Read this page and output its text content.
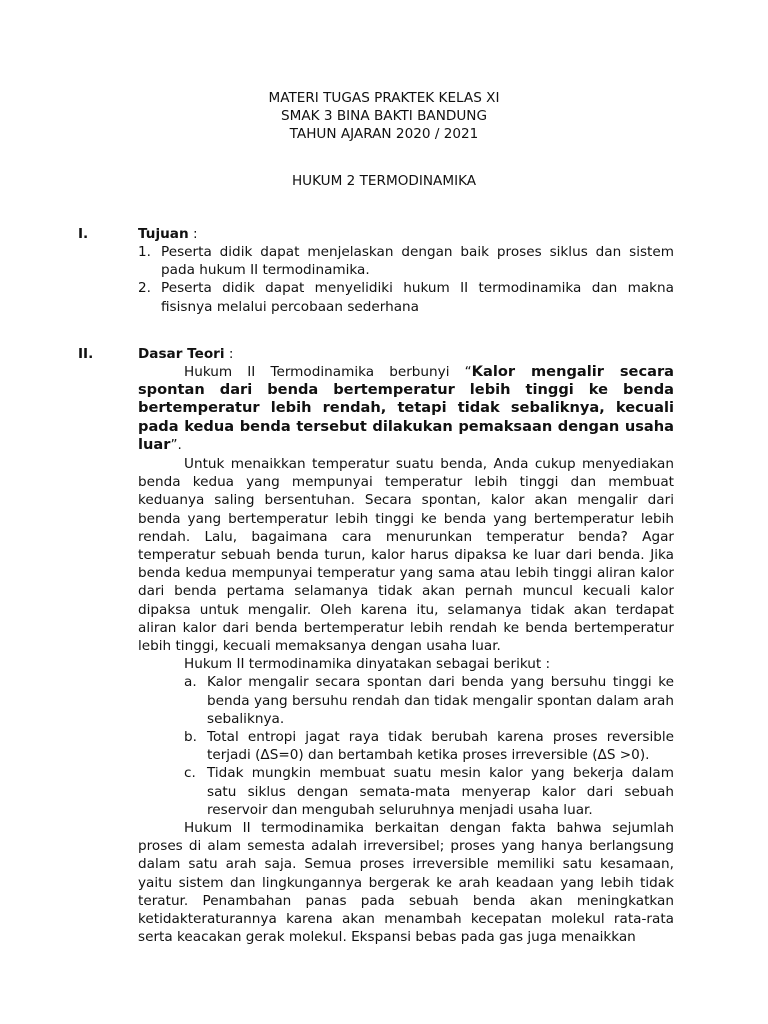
MATERI TUGAS PRAKTEK KELAS XI
SMAK 3 BINA BAKTI BANDUNG
TAHUN AJARAN 2020 / 2021
HUKUM 2 TERMODINAMIKA
I.	Tujuan :
1. Peserta didik dapat menjelaskan dengan baik proses siklus dan sistem pada hukum II termodinamika.
2. Peserta didik dapat menyelidiki hukum II termodinamika dan makna fisisnya melalui percobaan sederhana
II.	Dasar Teori :
Hukum II Termodinamika berbunyi “Kalor mengalir secara spontan dari benda bertemperatur lebih tinggi ke benda bertemperatur lebih rendah, tetapi tidak sebaliknya, kecuali pada kedua benda tersebut dilakukan pemaksaan dengan usaha luar”.
Untuk menaikkan temperatur suatu benda, Anda cukup menyediakan benda kedua yang mempunyai temperatur lebih tinggi dan membuat keduanya saling bersentuhan. Secara spontan, kalor akan mengalir dari benda yang bertemperatur lebih tinggi ke benda yang bertemperatur lebih rendah. Lalu, bagaimana cara menurunkan temperatur benda? Agar temperatur sebuah benda turun, kalor harus dipaksa ke luar dari benda. Jika benda kedua mempunyai temperatur yang sama atau lebih tinggi aliran kalor dari benda pertama selamanya tidak akan pernah muncul kecuali kalor dipaksa untuk mengalir. Oleh karena itu, selamanya tidak akan terdapat aliran kalor dari benda bertemperatur lebih rendah ke benda bertemperatur lebih tinggi, kecuali memaksanya dengan usaha luar.
Hukum II termodinamika dinyatakan sebagai berikut :
a. Kalor mengalir secara spontan dari benda yang bersuhu tinggi ke benda yang bersuhu rendah dan tidak mengalir spontan dalam arah sebaliknya.
b. Total entropi jagat raya tidak berubah karena proses reversible terjadi (ΔS=0) dan bertambah ketika proses irreversible (ΔS >0).
c. Tidak mungkin membuat suatu mesin kalor yang bekerja dalam satu siklus dengan semata-mata menyerap kalor dari sebuah reservoir dan mengubah seluruhnya menjadi usaha luar.
Hukum II termodinamika berkaitan dengan fakta bahwa sejumlah proses di alam semesta adalah irreversibel; proses yang hanya berlangsung dalam satu arah saja. Semua proses irreversible memiliki satu kesamaan, yaitu sistem dan lingkungannya bergerak ke arah keadaan yang lebih tidak teratur. Penambahan panas pada sebuah benda akan meningkatkan ketidakteraturannya karena akan menambah kecepatan molekul rata-rata serta keacakan gerak molekul. Ekspansi bebas pada gas juga menaikkan
